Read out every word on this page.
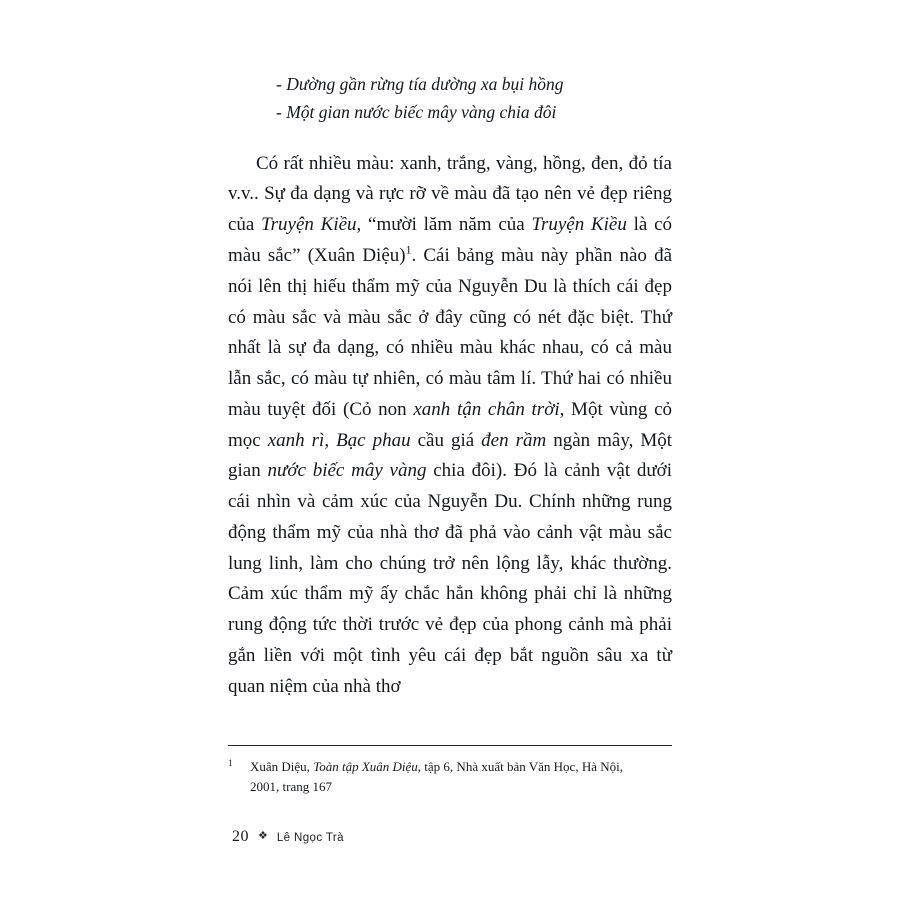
- Dường gần rừng tía dường xa bụi hồng
- Một gian nước biếc mây vàng chia đôi

Có rất nhiều màu: xanh, trắng, vàng, hồng, đen, đỏ tía v.v.. Sự đa dạng và rực rỡ về màu đã tạo nên vẻ đẹp riêng của Truyện Kiều, “mười lăm năm của Truyện Kiều là có màu sắc” (Xuân Diệu)$^1$. Cái bảng màu này phần nào đã nói lên thị hiếu thẩm mỹ của Nguyễn Du là thích cái đẹp có màu sắc và màu sắc ở đây cũng có nét đặc biệt. Thứ nhất là sự đa dạng, có nhiều màu khác nhau, có cả màu lẫn sắc, có màu tự nhiên, có màu tâm lí. Thứ hai có nhiều màu tuyệt đối (Cỏ non xanh tận chân trời, Một vùng cỏ mọc xanh rì, Bạc phau cầu giá đen rầm ngàn mây, Một gian nước biếc mây vàng chia đôi). Đó là cảnh vật dưới cái nhìn và cảm xúc của Nguyễn Du. Chính những rung động thẩm mỹ của nhà thơ đã phả vào cảnh vật màu sắc lung linh, làm cho chúng trở nên lộng lẫy, khác thường. Cảm xúc thẩm mỹ ấy chắc hẳn không phải chỉ là những rung động tức thời trước vẻ đẹp của phong cảnh mà phải gắn liền với một tình yêu cái đẹp bắt nguồn sâu xa từ quan niệm của nhà thơ

1 Xuân Diệu, Toàn tập Xuân Diệu, tập 6, Nhà xuất bản Văn Học, Hà Nội,
2001, trang 167
20 ❖ Lê Ngọc Trà
